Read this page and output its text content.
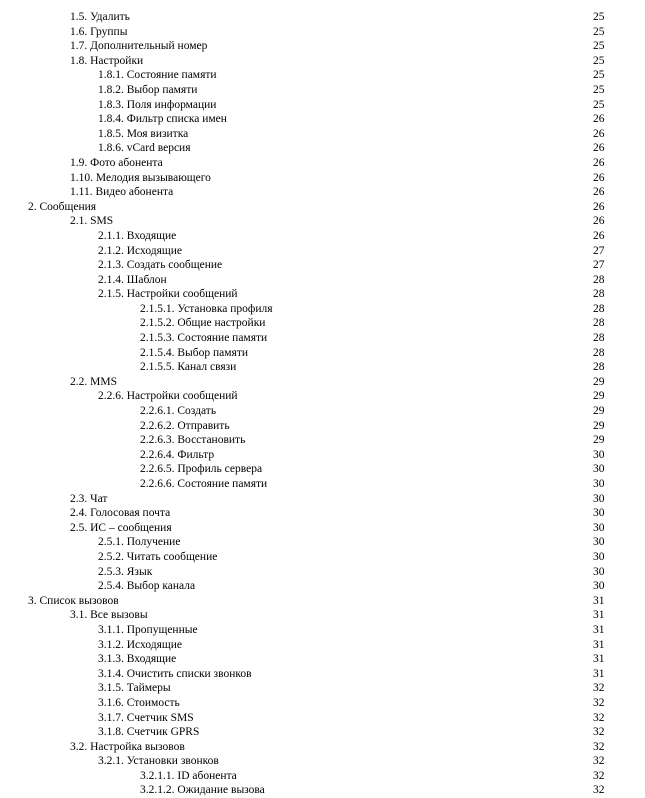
1.5. Удалить	25
1.6. Группы	25
1.7. Дополнительный номер	25
1.8. Настройки	25
1.8.1. Состояние памяти	25
1.8.2. Выбор памяти	25
1.8.3. Поля информации	25
1.8.4. Фильтр списка имен	26
1.8.5. Моя визитка	26
1.8.6. vCard версия	26
1.9. Фото абонента	26
1.10. Мелодия вызывающего	26
1.11. Видео абонента	26
2. Сообщения	26
2.1. SMS	26
2.1.1. Входящие	26
2.1.2. Исходящие	27
2.1.3. Создать сообщение	27
2.1.4. Шаблон	28
2.1.5. Настройки сообщений	28
2.1.5.1. Установка профиля	28
2.1.5.2. Общие настройки	28
2.1.5.3. Состояние памяти	28
2.1.5.4. Выбор памяти	28
2.1.5.5. Канал связи	28
2.2. MMS	29
2.2.6. Настройки сообщений	29
2.2.6.1. Создать	29
2.2.6.2. Отправить	29
2.2.6.3. Восстановить	29
2.2.6.4. Фильтр	30
2.2.6.5. Профиль сервера	30
2.2.6.6. Состояние памяти	30
2.3. Чат	30
2.4. Голосовая почта	30
2.5. ИС – сообщения	30
2.5.1. Получение	30
2.5.2. Читать сообщение	30
2.5.3. Язык	30
2.5.4. Выбор канала	30
3. Список вызовов	31
3.1. Все вызовы	31
3.1.1. Пропущенные	31
3.1.2. Исходящие	31
3.1.3. Входящие	31
3.1.4. Очистить списки звонков	31
3.1.5. Таймеры	32
3.1.6. Стоимость	32
3.1.7. Счетчик SMS	32
3.1.8. Счетчик GPRS	32
3.2. Настройка вызовов	32
3.2.1. Установки звонков	32
3.2.1.1. ID абонента	32
3.2.1.2. Ожидание вызова	32
